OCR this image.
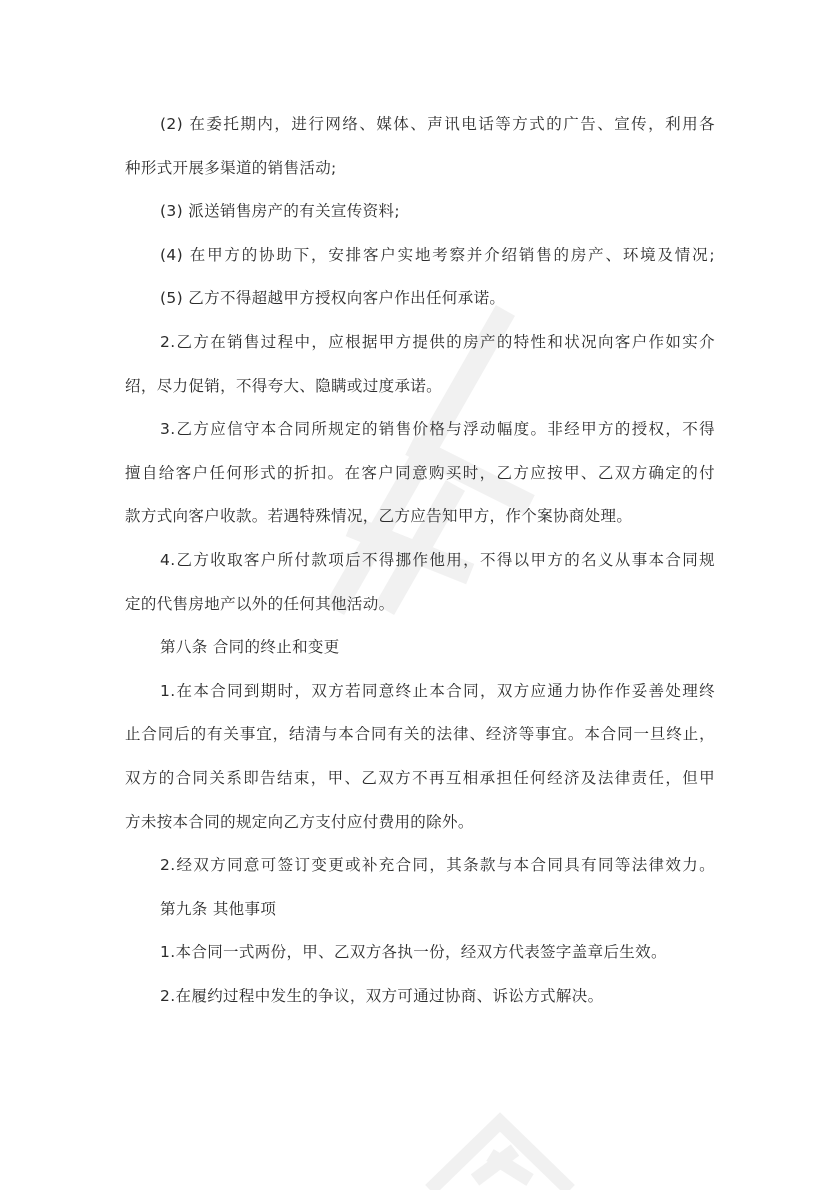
(2) 在委托期内，进行网络、媒体、声讯电话等方式的广告、宣传，利用各
种形式开展多渠道的销售活动;
(3) 派送销售房产的有关宣传资料;
(4) 在甲方的协助下，安排客户实地考察并介绍销售的房产、环境及情况;
(5) 乙方不得超越甲方授权向客户作出任何承诺。
2.乙方在销售过程中，应根据甲方提供的房产的特性和状况向客户作如实介
绍，尽力促销，不得夸大、隐瞒或过度承诺。
3.乙方应信守本合同所规定的销售价格与浮动幅度。非经甲方的授权，不得
擅自给客户任何形式的折扣。在客户同意购买时，乙方应按甲、乙双方确定的付
款方式向客户收款。若遇特殊情况，乙方应告知甲方，作个案协商处理。
4.乙方收取客户所付款项后不得挪作他用，不得以甲方的名义从事本合同规
定的代售房地产以外的任何其他活动。
第八条 合同的终止和变更
1.在本合同到期时，双方若同意终止本合同，双方应通力协作作妥善处理终
止合同后的有关事宜，结清与本合同有关的法律、经济等事宜。本合同一旦终止，
双方的合同关系即告结束，甲、乙双方不再互相承担任何经济及法律责任，但甲
方未按本合同的规定向乙方支付应付费用的除外。
2.经双方同意可签订变更或补充合同，其条款与本合同具有同等法律效力。
第九条 其他事项
1.本合同一式两份，甲、乙双方各执一份，经双方代表签字盖章后生效。
2.在履约过程中发生的争议，双方可通过协商、诉讼方式解决。
